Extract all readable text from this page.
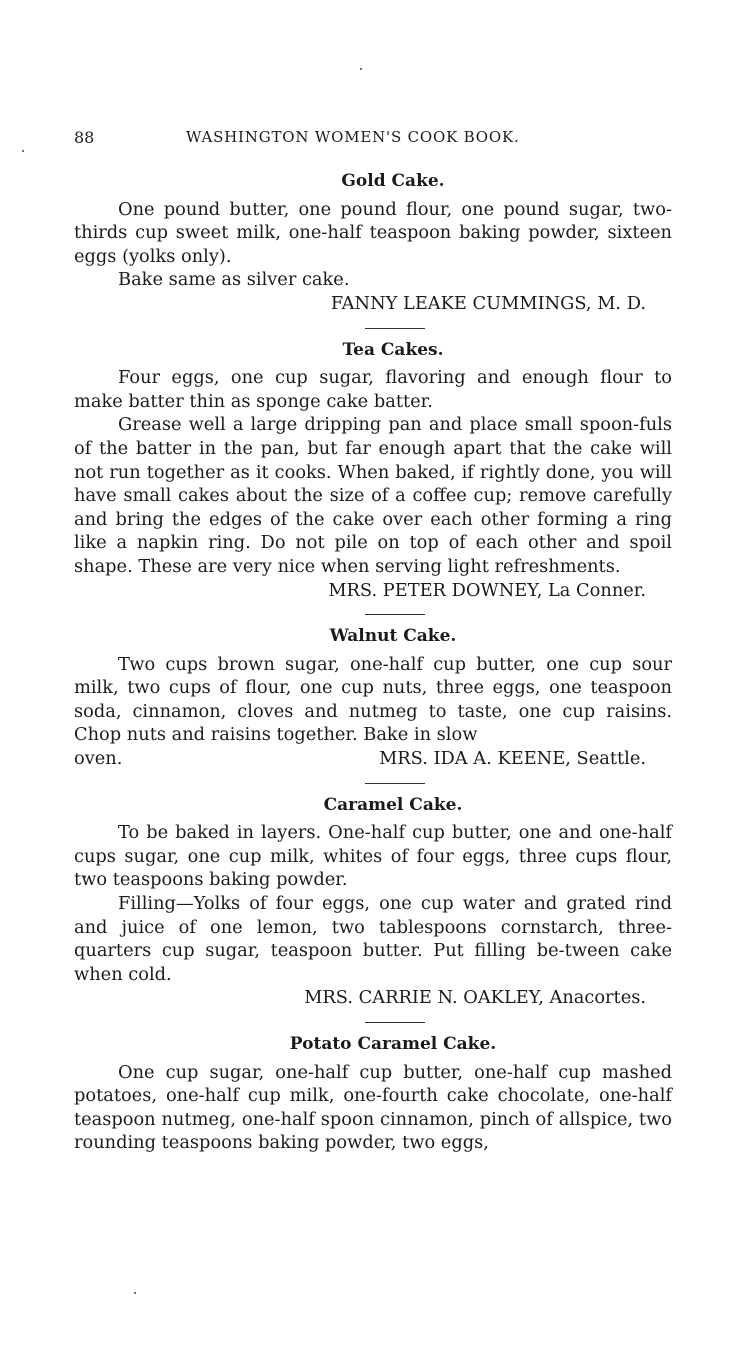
88	WASHINGTON WOMEN'S COOK BOOK.
Gold Cake.

One pound butter, one pound flour, one pound sugar, two-thirds cup sweet milk, one-half teaspoon baking powder, sixteen eggs (yolks only).

Bake same as silver cake.

FANNY LEAKE CUMMINGS, M. D.

Tea Cakes.

Four eggs, one cup sugar, flavoring and enough flour to make batter thin as sponge cake batter.

Grease well a large dripping pan and place small spoon-fuls of the batter in the pan, but far enough apart that the cake will not run together as it cooks. When baked, if rightly done, you will have small cakes about the size of a coffee cup; remove carefully and bring the edges of the cake over each other forming a ring like a napkin ring. Do not pile on top of each other and spoil shape. These are very nice when serving light refreshments.

MRS. PETER DOWNEY, La Conner.

Walnut Cake.

Two cups brown sugar, one-half cup butter, one cup sour milk, two cups of flour, one cup nuts, three eggs, one teaspoon soda, cinnamon, cloves and nutmeg to taste, one cup raisins. Chop nuts and raisins together. Bake in slow

oven.	MRS. IDA A. KEENE, Seattle.

Caramel Cake.

To be baked in layers. One-half cup butter, one and one-half cups sugar, one cup milk, whites of four eggs, three cups flour, two teaspoons baking powder.

Filling—Yolks of four eggs, one cup water and grated rind and juice of one lemon, two tablespoons cornstarch, three-quarters cup sugar, teaspoon butter. Put filling be-tween cake when cold.

MRS. CARRIE N. OAKLEY, Anacortes.

Potato Caramel Cake.

One cup sugar, one-half cup butter, one-half cup mashed potatoes, one-half cup milk, one-fourth cake chocolate, one-half teaspoon nutmeg, one-half spoon cinnamon, pinch of allspice, two rounding teaspoons baking powder, two eggs,
